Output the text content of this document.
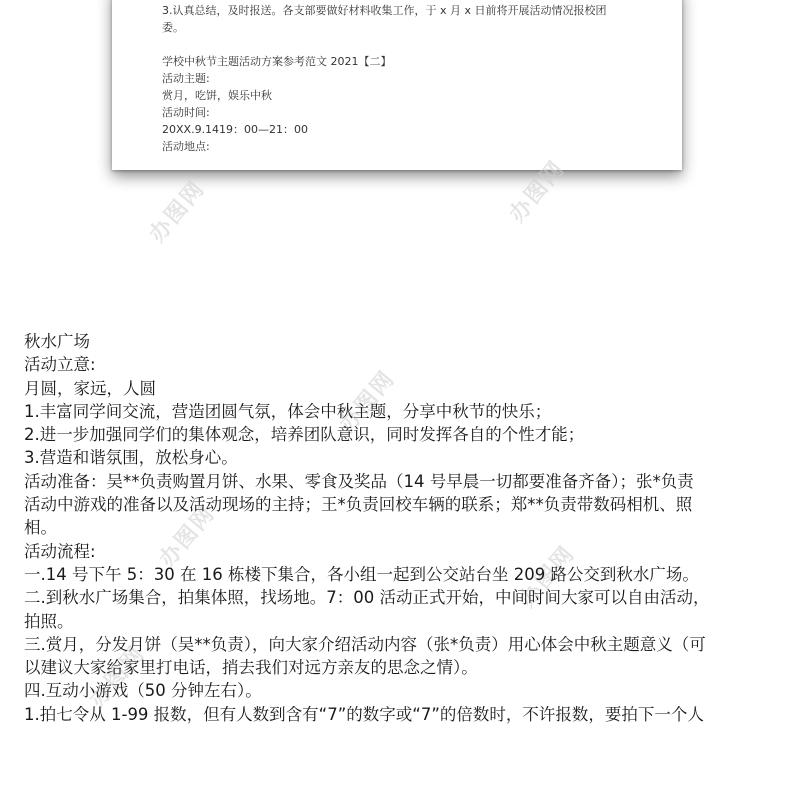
3.认真总结，及时报送。各支部要做好材料收集工作，于 x 月 x 日前将开展活动情况报校团
委。
学校中秋节主题活动方案参考范文 2021【二】
活动主题:
赏月，吃饼，娱乐中秋
活动时间:
20XX.9.1419：00—21：00
活动地点:
办图网	办图网
办图网
办图网
办图网
办图网
秋水广场
活动立意:
月圆，家远，人圆
1.丰富同学间交流，营造团圆气氛，体会中秋主题，分享中秋节的快乐；
2.进一步加强同学们的集体观念，培养团队意识，同时发挥各自的个性才能；
3.营造和谐氛围，放松身心。
活动准备：吴**负责购置月饼、水果、零食及奖品（14 号早晨一切都要准备齐备）；张*负责
活动中游戏的准备以及活动现场的主持；王*负责回校车辆的联系；郑**负责带数码相机、照
相。
活动流程:
一.14 号下午 5：30 在 16 栋楼下集合，各小组一起到公交站台坐 209 路公交到秋水广场。
二.到秋水广场集合，拍集体照，找场地。7：00 活动正式开始，中间时间大家可以自由活动，
拍照。
三.赏月，分发月饼（吴**负责），向大家介绍活动内容（张*负责）用心体会中秋主题意义（可
以建议大家给家里打电话，捎去我们对远方亲友的思念之情）。
四.互动小游戏（50 分钟左右）。
1.拍七令从 1-99 报数，但有人数到含有“7”的数字或“7”的倍数时，不许报数，要拍下一个人
